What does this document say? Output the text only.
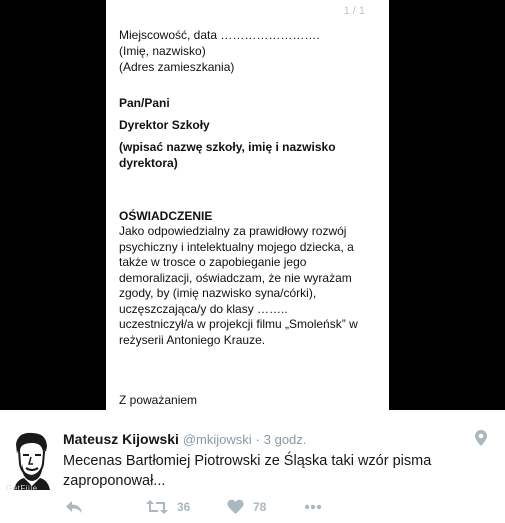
1 / 1
Miejscowość, data …………………….
(Imię, nazwisko)
(Adres zamieszkania)
Pan/Pani
Dyrektor Szkoły
(wpisać nazwę szkoły, imię i nazwisko
dyrektora)
OŚWIADCZENIE
Jako odpowiedzialny za prawidłowy rozwój
psychiczny i intelektualny mojego dziecka, a
także w trosce o zapobieganie jego
demoralizacji, oświadczam, że nie wyrażam
zgody, by (imię nazwisko syna/córki),
uczęszczająca/y do klasy ……..
uczestniczył/a w projekcji filmu „Smoleńsk” w
reżyserii Antoniego Krauze.
Z poważaniem
GetFiile
Mateusz Kijowski @mkijowski · 3 godz.
Mecenas Bartłomiej Piotrowski ze Śląska taki wzór pisma
zaproponował...
36	78
